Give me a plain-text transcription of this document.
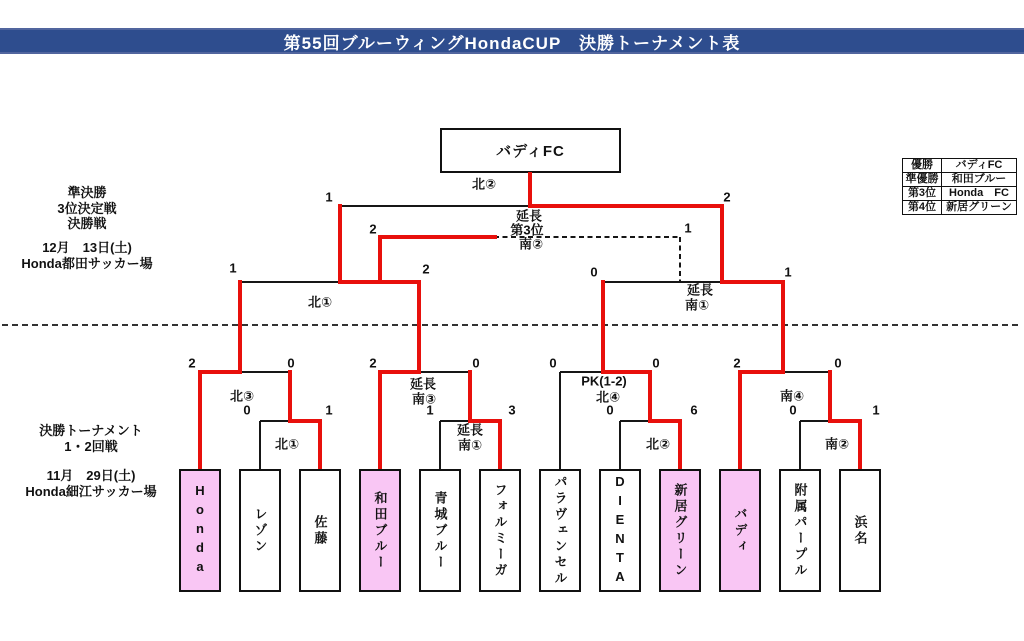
第55回ブルーウィングHondaCUP　決勝トーナメント表
準決勝
3位決定戦
決勝戦
12月　13日(土)
Honda都田サッカー場
決勝トーナメント
1・2回戦
11月　29日(土)
Honda細江サッカー場
優勝	バディFC
準優勝	和田ブルー
第3位	Honda　FC
第4位	新居グリーン
バディFC
北②
延長
第3位
南②
1	2
2	1
北①
1	2
延長
南①
0	1
北③
2	0
延長
南③
2	0
PK(1-2)
北④
0	0
南④
2	0
北①
0	1
延長
南①
1	3
北②
0	6
南②
0	1
Honda	レゾン	佐藤	和田ブルー	青城ブルー	フォルミーガ	パラヴェンセル	DIENTA	新居グリーン	バディ	附属パープル	浜名
